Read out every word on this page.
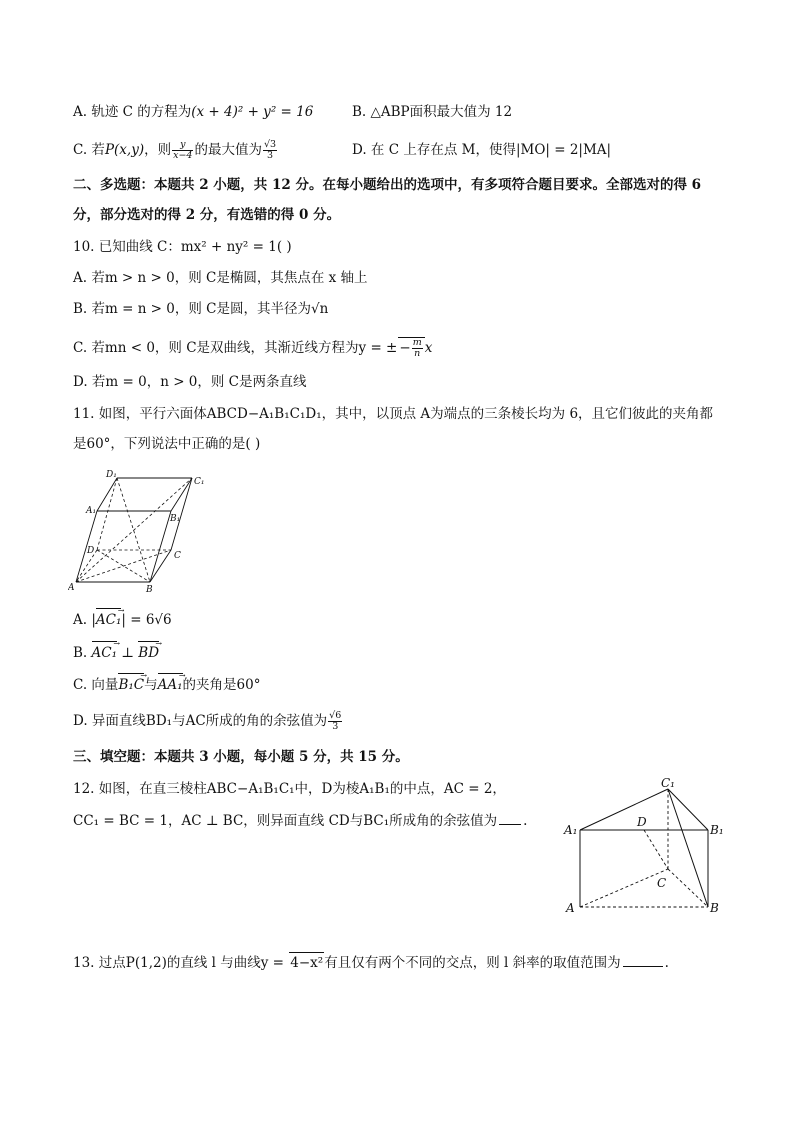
A. 轨迹 C 的方程为(x + 4)² + y² = 16	B. △ABP面积最大值为 12
C. 若P(x,y)，则 $\frac{y}{x-4}$ 的最大值为 $\frac{√3}{3}$	D. 在 C 上存在点 M，使得|MO| = 2|MA|
二、多选题：本题共 2 小题，共 12 分。在每小题给出的选项中，有多项符合题目要求。全部选对的得 6
分，部分选对的得 2 分，有选错的得 0 分。
10. 已知曲线 C：mx² + ny² = 1( )
A. 若m > n > 0，则 C是椭圆，其焦点在 x 轴上
B. 若m = n > 0，则 C是圆，其半径为√n
C. 若mn < 0，则 C是双曲线，其渐近线方程为y = ± − $\frac{m}{n}$ x
D. 若m = 0，n > 0，则 C是两条直线
11. 如图，平行六面体ABCD−A₁B₁C₁D₁，其中，以顶点 A为端点的三条棱长均为 6，且它们彼此的夹角都
是60°，下列说法中正确的是( )
D₁
C₁
A₁
B₁
D	C
A	B
A. |AC₁ →| = 6√6
B. AC₁ → ⊥ BD →
C. 向量B₁C →与AA₁ →的夹角是60°
D. 异面直线BD₁与AC所成的角的余弦值为 $\frac{√6}{3}$
三、填空题：本题共 3 小题，每小题 5 分，共 15 分。
12. 如图，在直三棱柱ABC−A₁B₁C₁中，D为棱A₁B₁的中点，AC = 2，
CC₁ = BC = 1，AC ⊥ BC，则异面直线 CD与BC₁所成角的余弦值为 .
C₁
A₁
D
B₁
C
A	B
13. 过点P(1,2)的直线 l 与曲线y = 4−x²有且仅有两个不同的交点，则 l 斜率的取值范围为	.
